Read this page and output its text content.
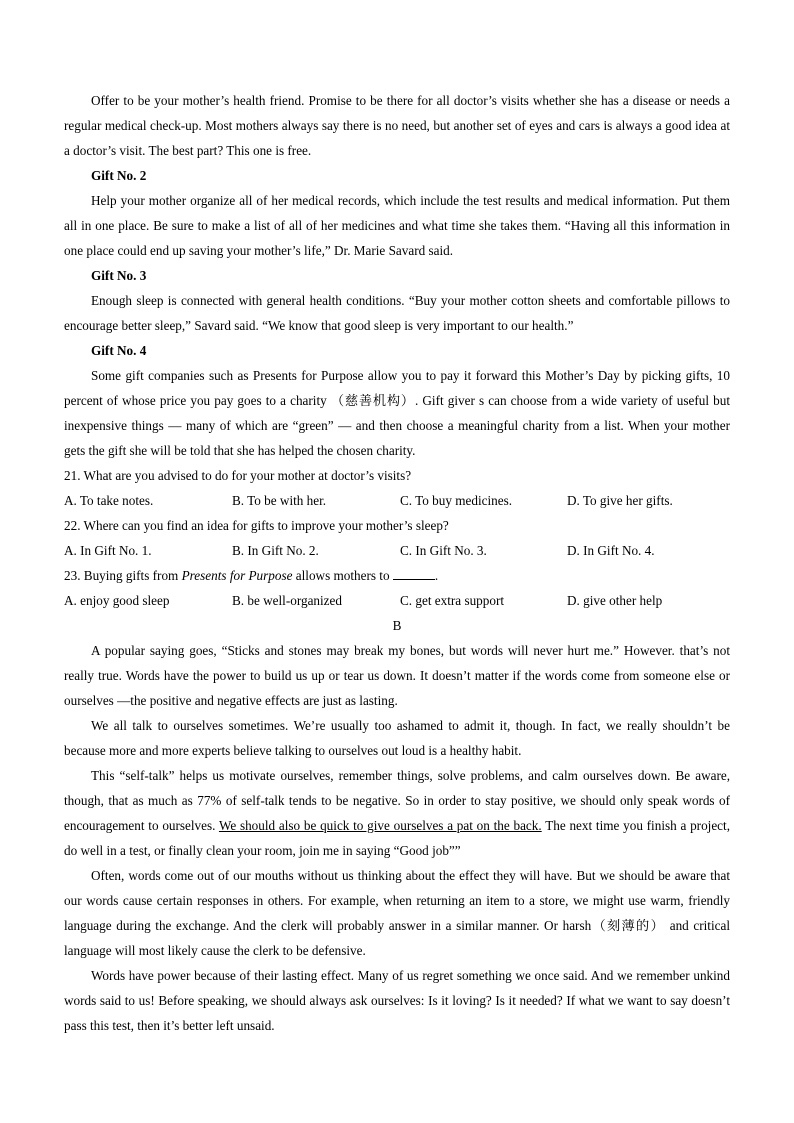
Offer to be your mother’s health friend. Promise to be there for all doctor’s visits whether she has a disease or needs a regular medical check-up. Most mothers always say there is no need, but another set of eyes and cars is always a good idea at a doctor’s visit. The best part? This one is free.

Gift No. 2

Help your mother organize all of her medical records, which include the test results and medical information. Put them all in one place. Be sure to make a list of all of her medicines and what time she takes them. “Having all this information in one place could end up saving your mother’s life,” Dr. Marie Savard said.

Gift No. 3

Enough sleep is connected with general health conditions. “Buy your mother cotton sheets and comfortable pillows to encourage better sleep,” Savard said. “We know that good sleep is very important to our health.”

Gift No. 4

Some gift companies such as Presents for Purpose allow you to pay it forward this Mother’s Day by picking gifts, 10 percent of whose price you pay goes to a charity （慈善机构）. Gift giver s can choose from a wide variety of useful but inexpensive things — many of which are “green” — and then choose a meaningful charity from a list. When your mother gets the gift she will be told that she has helped the chosen charity.

21. What are you advised to do for your mother at doctor’s visits?

A. To take notes.	B. To be with her.	C. To buy medicines.	D. To give her gifts.

22. Where can you find an idea for gifts to improve your mother’s sleep?

A. In Gift No. 1.	B. In Gift No. 2.	C. In Gift No. 3.	D. In Gift No. 4.

23. Buying gifts from Presents for Purpose allows mothers to	.

A. enjoy good sleep	B. be well-organized	C. get extra support	D. give other help

B

A popular saying goes, “Sticks and stones may break my bones, but words will never hurt me.” However. that’s not really true. Words have the power to build us up or tear us down. It doesn’t matter if the words come from someone else or ourselves —the positive and negative effects are just as lasting.

We all talk to ourselves sometimes. We’re usually too ashamed to admit it, though. In fact, we really shouldn’t be because more and more experts believe talking to ourselves out loud is a healthy habit.

This “self-talk” helps us motivate ourselves, remember things, solve problems, and calm ourselves down. Be aware, though, that as much as 77% of self-talk tends to be negative. So in order to stay positive, we should only speak words of encouragement to ourselves. We should also be quick to give ourselves a pat on the back. The next time you finish a project, do well in a test, or finally clean your room, join me in saying “Good job””

Often, words come out of our mouths without us thinking about the effect they will have. But we should be aware that our words cause certain responses in others. For example, when returning an item to a store, we might use warm, friendly language during the exchange. And the clerk will probably answer in a similar manner. Or harsh（刻薄的） and critical language will most likely cause the clerk to be defensive.

Words have power because of their lasting effect. Many of us regret something we once said. And we remember unkind words said to us! Before speaking, we should always ask ourselves: Is it loving? Is it needed? If what we want to say doesn’t pass this test, then it’s better left unsaid.
